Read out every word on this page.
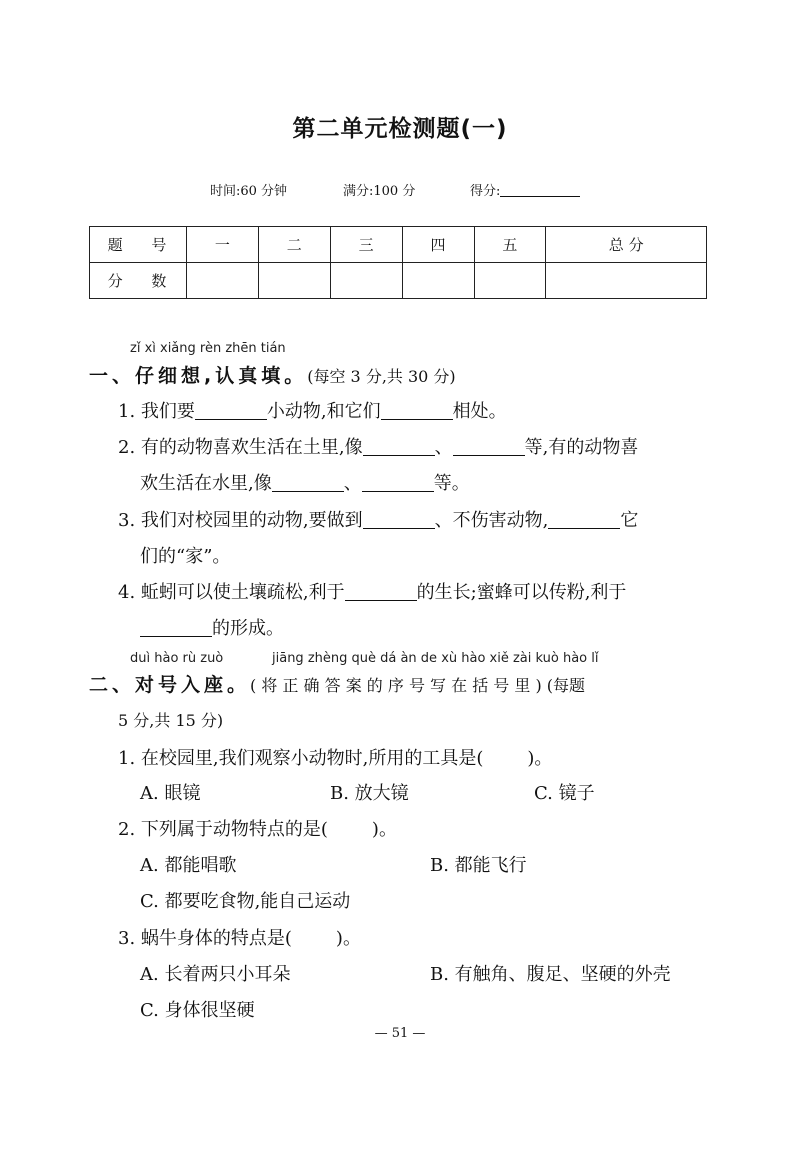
第二单元检测题(一)
时间:60 分钟	满分:100 分	得分:
题 号	一	二	三	四	五	总 分
分 数						
zǐ xì xiǎng rèn zhēn tián
一、仔细想,认真填。(每空 3 分,共 30 分)
1. 我们要	小动物,和它们	相处。
2. 有的动物喜欢生活在土里,像	、	等,有的动物喜
欢生活在水里,像	、	等。
3. 我们对校园里的动物,要做到	、不伤害动物,	它
们的“家”。
4. 蚯蚓可以使土壤疏松,利于	的生长;蜜蜂可以传粉,利于
的形成。
duì hào rù zuò	jiāng zhèng què dá àn de xù hào xiě zài kuò hào lǐ
二、对号入座。( 将 正 确 答 案 的 序 号 写 在 括 号 里 ) (每题
5 分,共 15 分)
1. 在校园里,我们观察小动物时,所用的工具是( )。
A. 眼镜	B. 放大镜	C. 镜子
2. 下列属于动物特点的是( )。
A. 都能唱歌	B. 都能飞行
C. 都要吃食物,能自己运动
3. 蜗牛身体的特点是( )。
A. 长着两只小耳朵	B. 有触角、腹足、坚硬的外壳
C. 身体很坚硬
— 51 —
